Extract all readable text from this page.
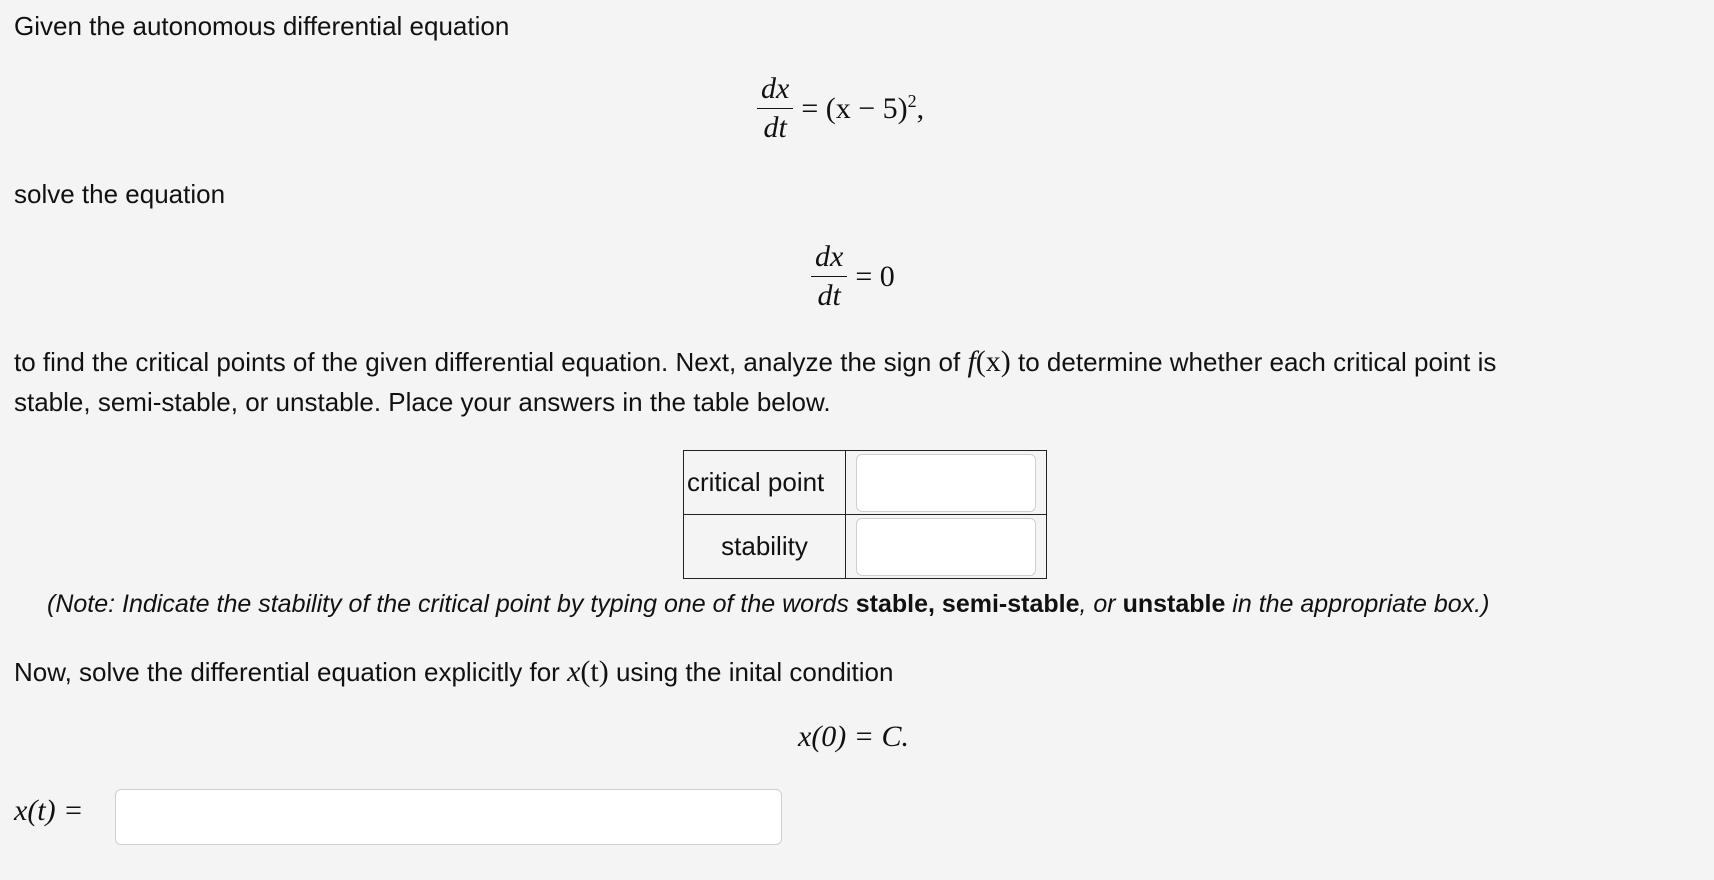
Given the autonomous differential equation
$\frac{dx}{dt} = (x - 5)^2$,
solve the equation
$\frac{dx}{dt} = 0$
to find the critical points of the given differential equation. Next, analyze the sign of f(x) to determine whether each critical point is
stable, semi-stable, or unstable. Place your answers in the table below.
critical point	
stability	
(Note: Indicate the stability of the critical point by typing one of the words stable, semi-stable, or unstable in the appropriate box.)
Now, solve the differential equation explicitly for x(t) using the inital condition
x(0) = C.
x(t) =
